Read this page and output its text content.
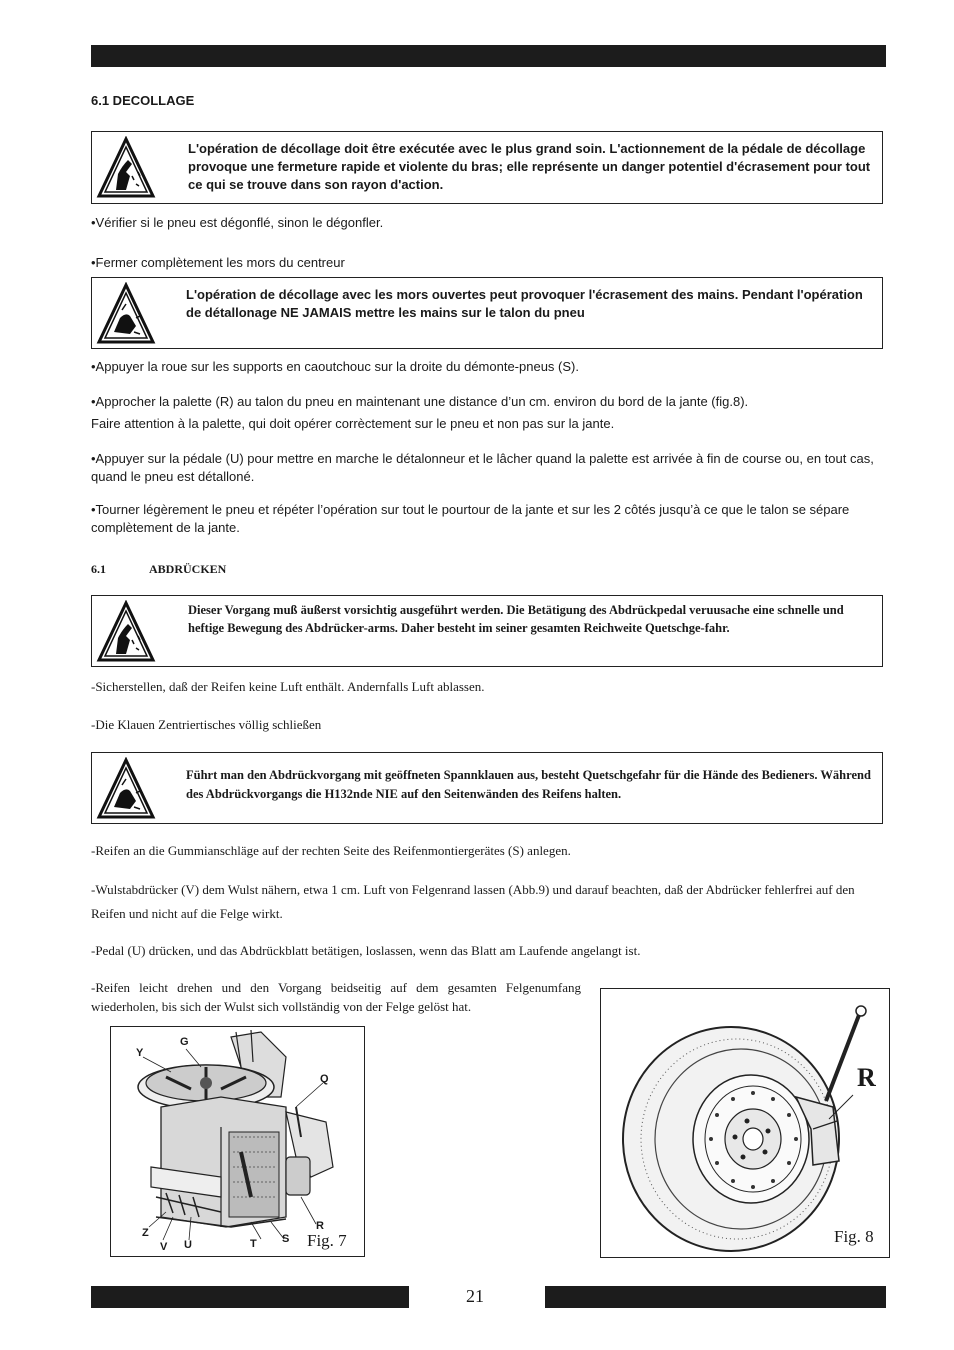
6.1 DECOLLAGE
L'opération de décollage doit être exécutée avec le plus grand soin. L'actionnement de la pédale de décollage provoque une fermeture rapide et violente du bras; elle représente un danger potentiel d'écrasement pour tout ce qui se trouve dans son rayon d'action.
•Vérifier si le pneu est dégonflé, sinon le dégonfler.
•Fermer complètement les mors du centreur
L'opération de décollage avec les mors ouvertes peut provoquer l'écrasement des mains. Pendant l'opération de détallonage NE JAMAIS mettre les mains sur le talon du pneu
•Appuyer la roue sur les supports en caoutchouc sur la droite du démonte-pneus (S).
•Approcher la palette (R) au talon du pneu en maintenant une distance d’un cm. environ du bord de la jante (fig.8).
Faire attention à la palette, qui doit opérer corrèctement sur le pneu et non pas sur la jante.
•Appuyer sur la pédale (U) pour mettre en marche le détalonneur et le lâcher quand la palette est arrivée à fin de course ou, en tout cas, quand le pneu est détalloné.
•Tourner légèrement le pneu et répéter l’opération sur tout le pourtour de la jante et sur les 2 côtés jusqu’à ce que le talon se sépare complètement de la jante.
6.1	ABDRÜCKEN
Dieser Vorgang muß äußerst vorsichtig ausgeführt werden. Die Betätigung des Abdrückpedal veruusache eine schnelle und heftige Bewegung des Abdrücker-arms. Daher besteht im seiner gesamten Reichweite Quetschge-fahr.
-Sicherstellen, daß der Reifen keine Luft enthält. Andernfalls Luft ablassen.
-Die Klauen Zentriertisches völlig schließen
Führt man den Abdrückvorgang mit geöffneten Spannklauen aus, besteht Quetschgefahr für die Hände des Bedieners. Während des Abdrückvorgangs die H132nde NIE auf den Seitenwänden des Reifens halten.
-Reifen an die Gummianschläge auf der rechten Seite des Reifenmontiergerätes (S) anlegen.
-Wulstabdrücker (V) dem Wulst nähern, etwa 1 cm. Luft von Felgenrand lassen (Abb.9) und darauf beachten, daß der Abdrücker fehlerfrei auf den Reifen und nicht auf die Felge wirkt.
-Pedal (U) drücken, und das Abdrückblatt betätigen, loslassen, wenn das Blatt am Laufende angelangt ist.
-Reifen leicht drehen und den Vorgang beidseitig auf dem gesamten Felgenumfang wiederholen, bis sich der Wulst sich vollständig von der Felge gelöst hat.
Y
G
Q
Z
V U	T S
R
Fig. 7
R
Fig. 8
21
